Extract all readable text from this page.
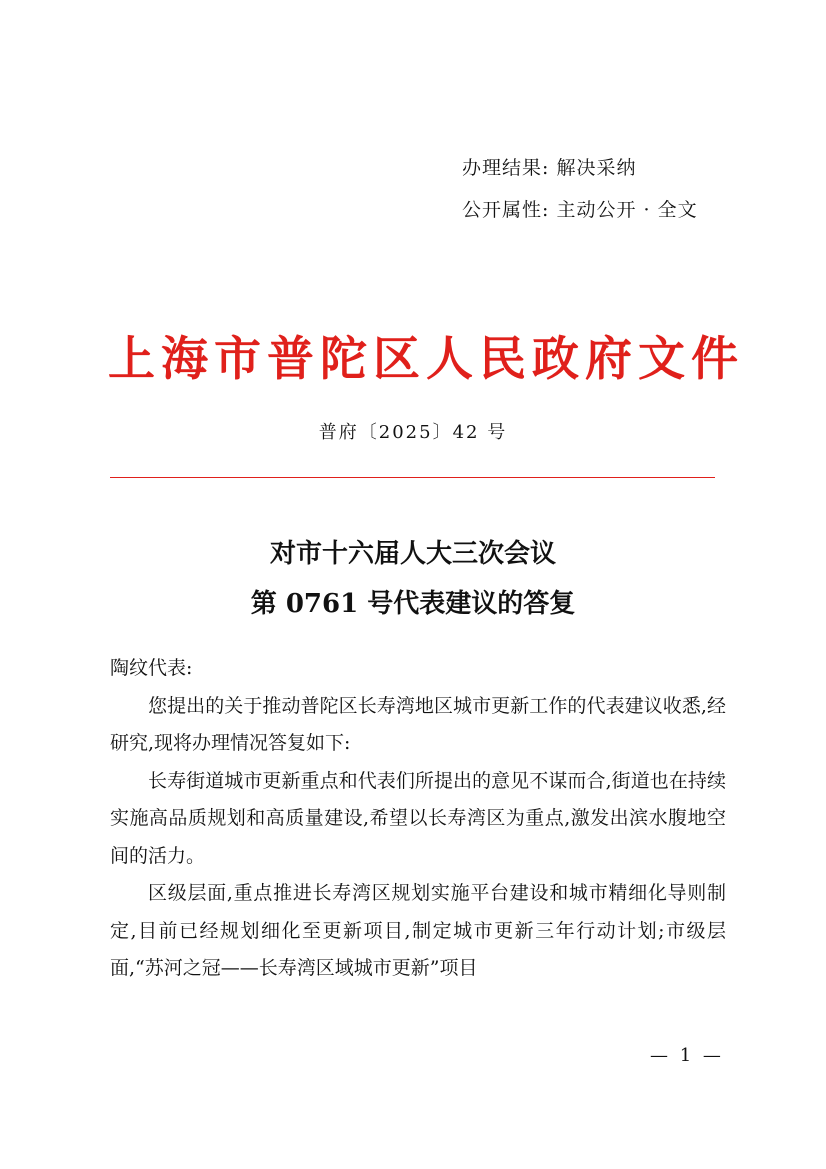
办理结果: 解决采纳
公开属性: 主动公开 · 全文
上海市普陀区人民政府文件
普府〔2025〕42 号
对市十六届人大三次会议
第 0761 号代表建议的答复

陶纹代表:

您提出的关于推动普陀区长寿湾地区城市更新工作的代表建议收悉,经研究,现将办理情况答复如下:

长寿街道城市更新重点和代表们所提出的意见不谋而合,街道也在持续实施高品质规划和高质量建设,希望以长寿湾区为重点,激发出滨水腹地空间的活力。

区级层面,重点推进长寿湾区规划实施平台建设和城市精细化导则制定,目前已经规划细化至更新项目,制定城市更新三年行动计划;市级层面,“苏河之冠——长寿湾区域城市更新”项目

— 1 —
